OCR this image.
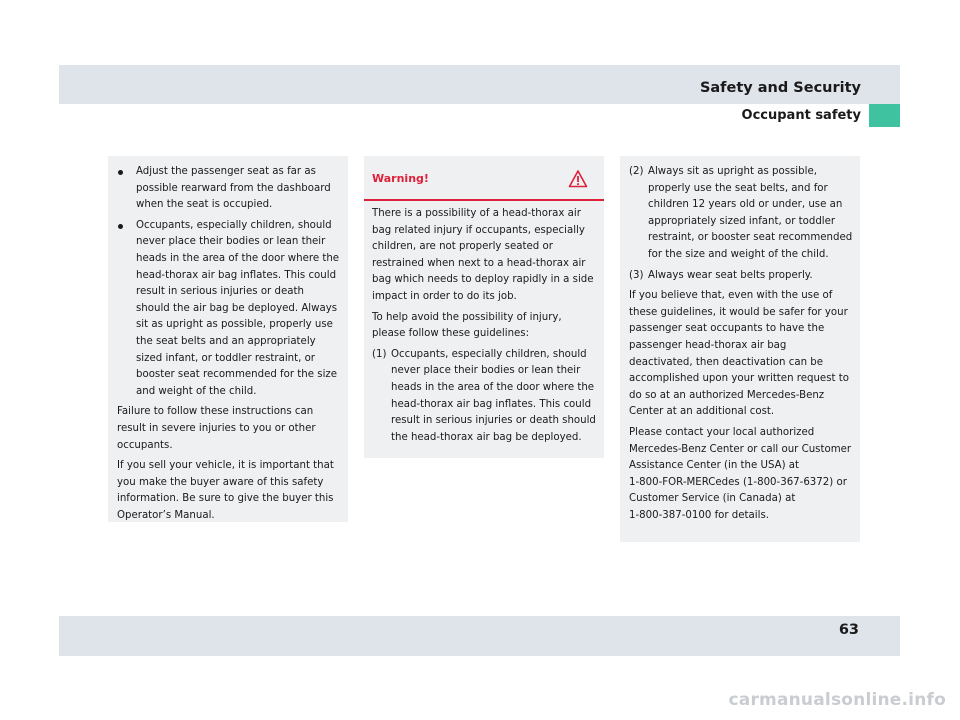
Safety and Security
Occupant safety
Adjust the passenger seat as far as possible rearward from the dashboard when the seat is occupied.
Occupants, especially children, should never place their bodies or lean their heads in the area of the door where the head-thorax air bag inflates. This could result in serious injuries or death should the air bag be deployed. Always sit as upright as possible, properly use the seat belts and an appropriately sized infant, or toddler restraint, or booster seat recommended for the size and weight of the child.

Failure to follow these instructions can result in severe injuries to you or other occupants.

If you sell your vehicle, it is important that you make the buyer aware of this safety information. Be sure to give the buyer this Operator’s Manual.

Warning!

There is a possibility of a head-thorax air bag related injury if occupants, especially children, are not properly seated or restrained when next to a head-thorax air bag which needs to deploy rapidly in a side impact in order to do its job.

To help avoid the possibility of injury, please follow these guidelines:

(1) Occupants, especially children, should never place their bodies or lean their heads in the area of the door where the head-thorax air bag inflates. This could result in serious injuries or death should the head-thorax air bag be deployed.
(2) Always sit as upright as possible, properly use the seat belts, and for children 12 years old or under, use an appropriately sized infant, or toddler restraint, or booster seat recommended for the size and weight of the child.
(3) Always wear seat belts properly.

If you believe that, even with the use of these guidelines, it would be safer for your passenger seat occupants to have the passenger head-thorax air bag deactivated, then deactivation can be accomplished upon your written request to do so at an authorized Mercedes-Benz Center at an additional cost.

Please contact your local authorized
Mercedes-Benz Center or call our Customer
Assistance Center (in the USA) at
1-800-FOR-MERCedes (1-800-367-6372) or
Customer Service (in Canada) at
1-800-387-0100 for details.

63
carmanualsonline.info
